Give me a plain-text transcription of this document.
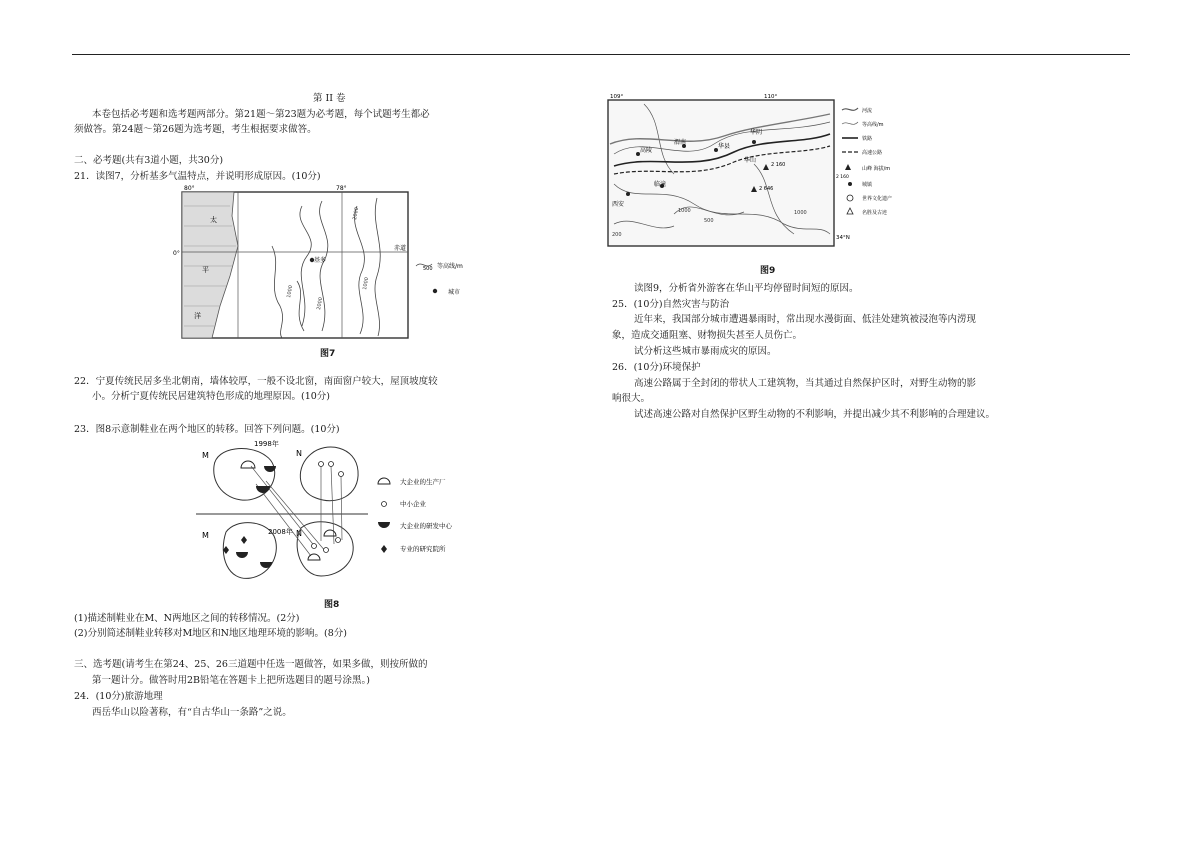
第 II 卷
本卷包括必考题和选考题两部分。第21题～第23题为必考题，每个试题考生都必
须做答。第24题～第26题为选考题，考生根据要求做答。
二、必考题(共有3道小题，共30分)
21．读图7，分析基多气温特点，并说明形成原因。(10分)
80°	78°
0°
太
平
洋
基多
赤道
1000
2000
1000
2000
500 等高线/m
城市
图7
22．宁夏传统民居多坐北朝南，墙体较厚，一般不设北窗，南面窗户较大，屋顶坡度较
小。分析宁夏传统民居建筑特色形成的地理原因。(10分)
23．图8示意制鞋业在两个地区的转移。回答下列问题。(10分)
1998年
2008年
M	N
M	N
大企业的生产厂
中小企业
大企业的研发中心
专业的研究院所
图8
(1)描述制鞋业在M、N两地区之间的转移情况。(2分)
(2)分别简述制鞋业转移对M地区和N地区地理环境的影响。(8分)
三、选考题(请考生在第24、25、26三道题中任选一题做答，如果多做，则按所做的
第一题计分。做答时用2B铅笔在答题卡上把所选题目的题号涂黑。)
24．(10分)旅游地理
西岳华山以险著称，有“自古华山一条路”之说。
109°	110°
34°N
高陵
渭南
华县
华阴
华山
西安
临潼
2 160
2 646
500
1000
1000
200
河流
等高线/m
铁路
高速公路
2 160
山峰 海拔/m
城镇
世界文化遗产
名胜及古迹
图9
读图9，分析省外游客在华山平均停留时间短的原因。
25．(10分)自然灾害与防治
近年来，我国部分城市遭遇暴雨时，常出现水漫街面、低洼处建筑被浸泡等内涝现
象，造成交通阻塞、财物损失甚至人员伤亡。
试分析这些城市暴雨成灾的原因。
26．(10分)环境保护
高速公路属于全封闭的带状人工建筑物，当其通过自然保护区时，对野生动物的影
响很大。
试述高速公路对自然保护区野生动物的不利影响，并提出减少其不利影响的合理建议。
